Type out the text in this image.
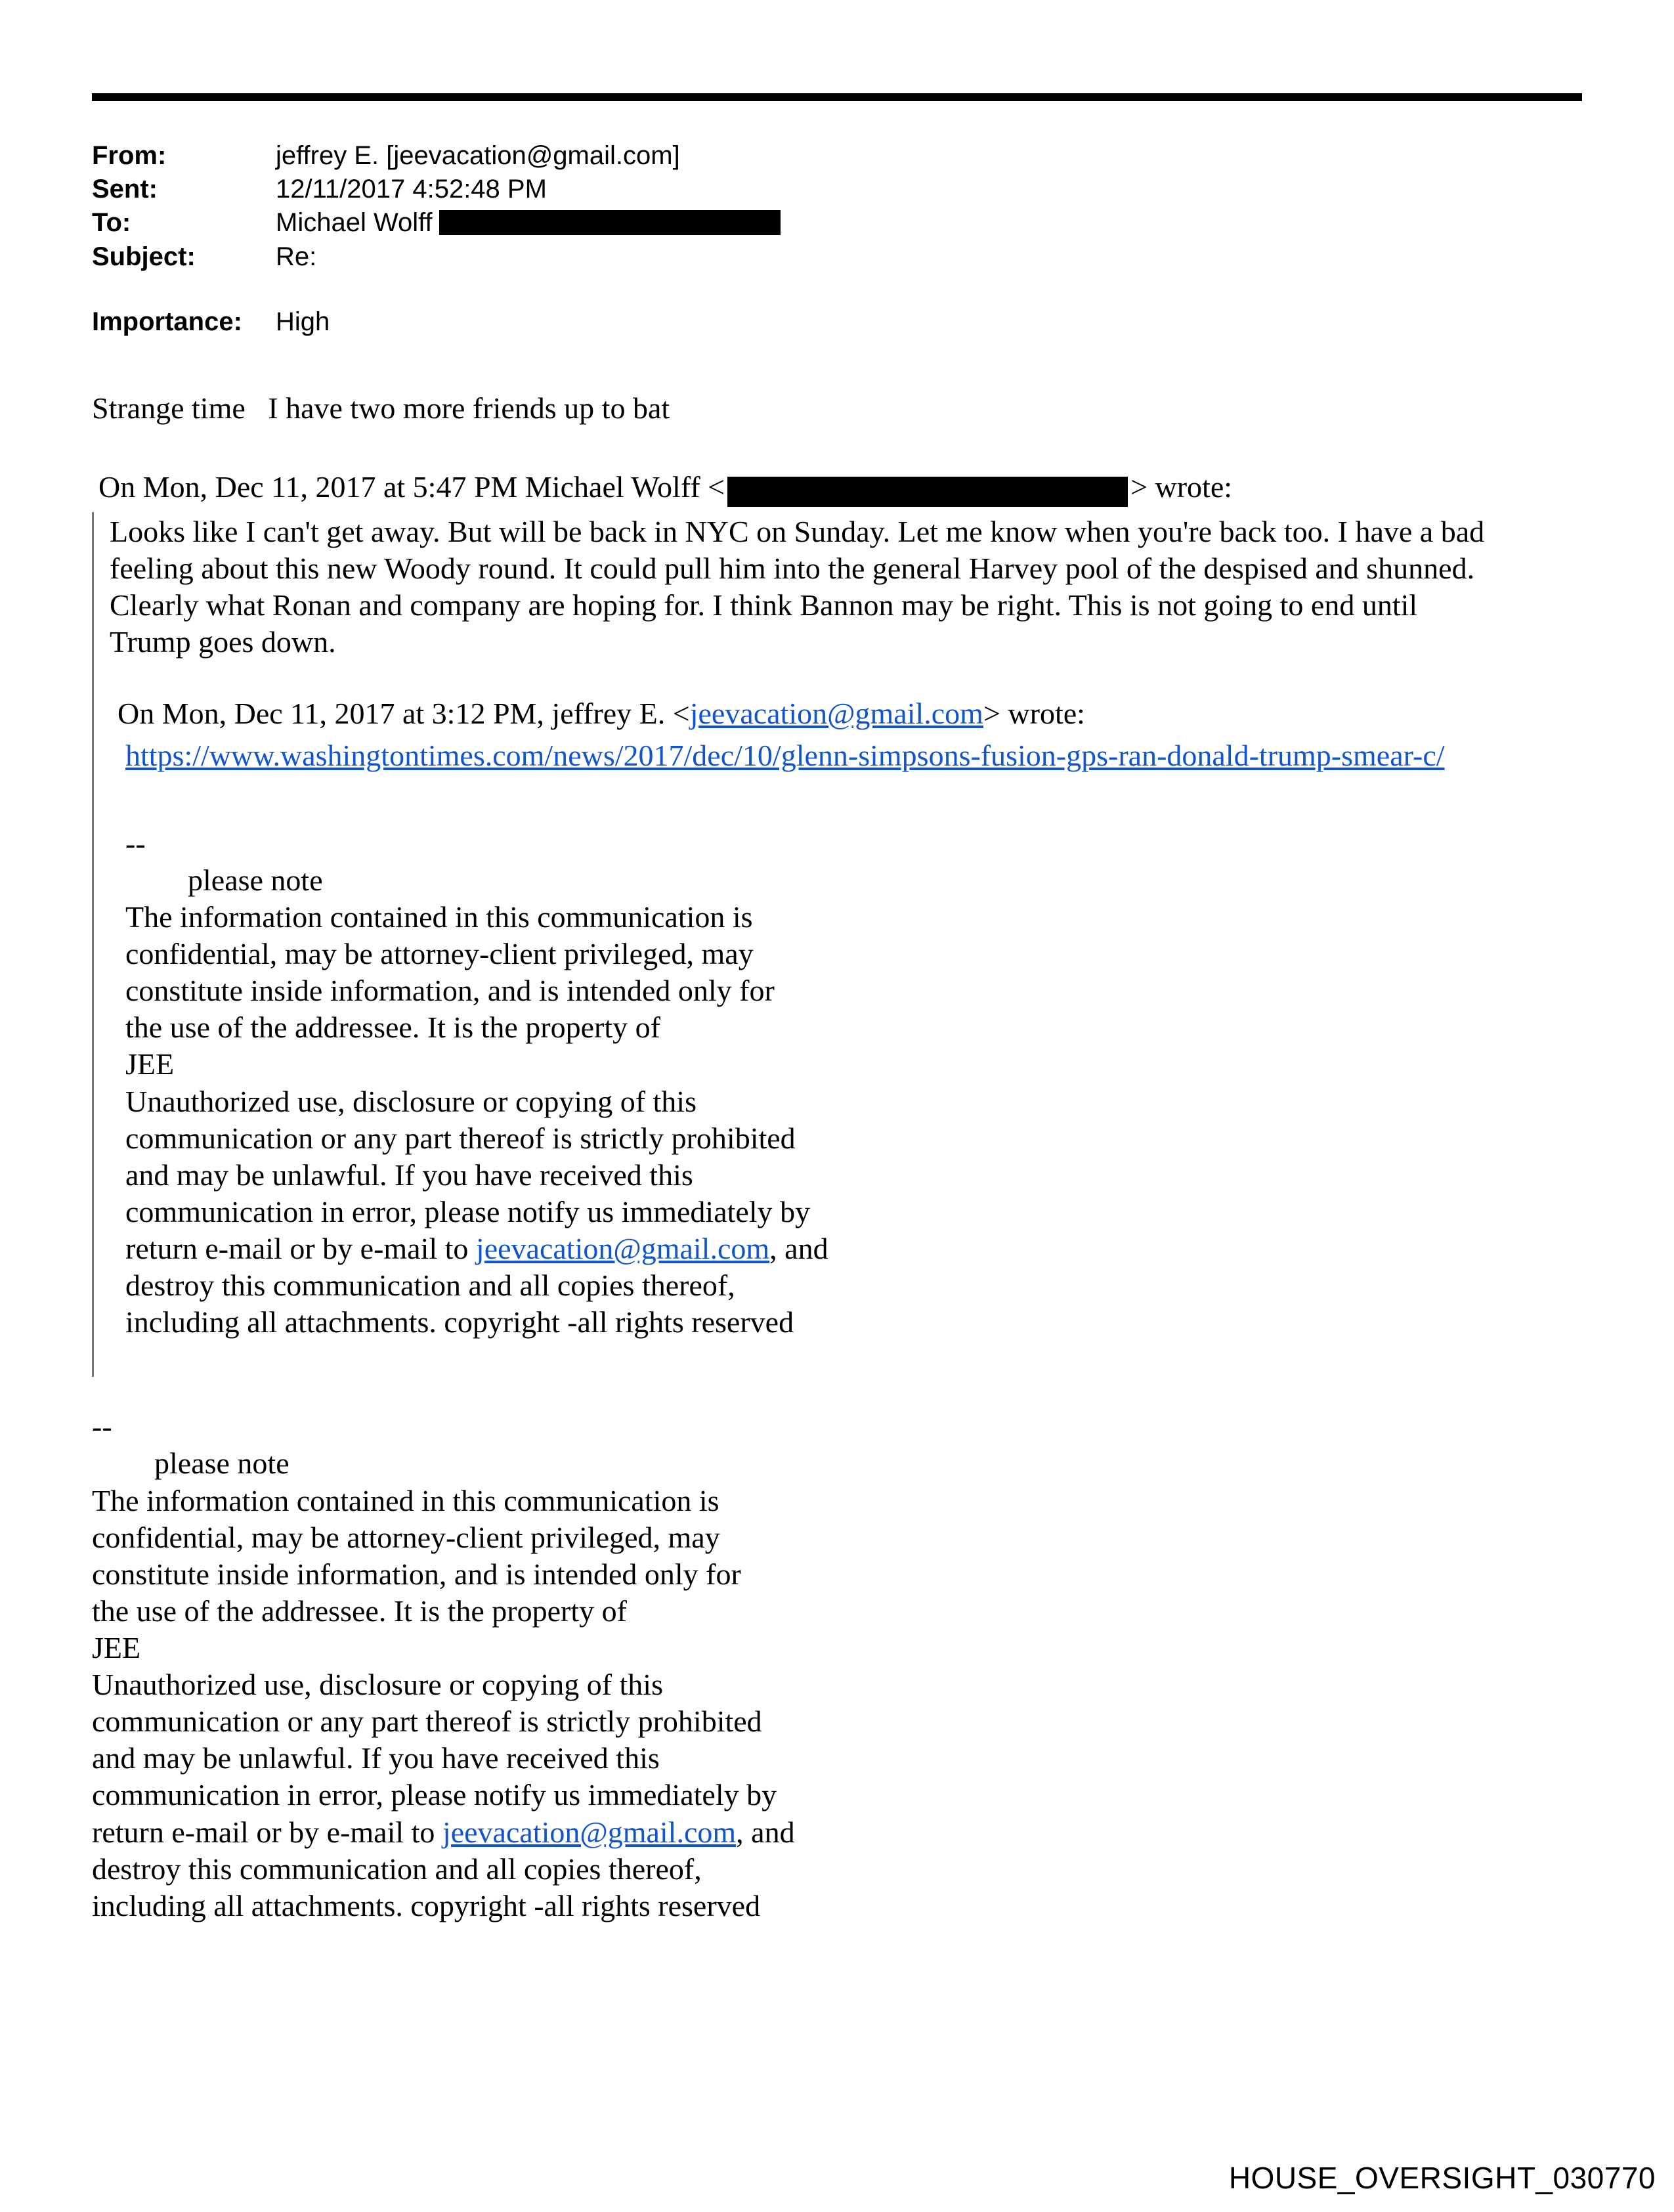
From:	jeffrey E. [jeevacation@gmail.com]
Sent:	12/11/2017 4:52:48 PM
To:	Michael Wolff
Subject:	Re:
Importance:	High
Strange time   I have two more friends up to bat
On Mon, Dec 11, 2017 at 5:47 PM Michael Wolff <	> wrote:
Looks like I can't get away. But will be back in NYC on Sunday. Let me know when you're back too. I have a bad feeling about this new Woody round. It could pull him into the general Harvey pool of the despised and shunned. Clearly what Ronan and company are hoping for. I think Bannon may be right. This is not going to end until Trump goes down.
On Mon, Dec 11, 2017 at 3:12 PM, jeffrey E. <jeevacation@gmail.com> wrote:
https://www.washingtontimes.com/news/2017/dec/10/glenn-simpsons-fusion-gps-ran-donald-trump-smear-c/
--
please note
The information contained in this communication is
confidential, may be attorney-client privileged, may
constitute inside information, and is intended only for
the use of the addressee. It is the property of
JEE
Unauthorized use, disclosure or copying of this
communication or any part thereof is strictly prohibited
and may be unlawful. If you have received this
communication in error, please notify us immediately by
return e-mail or by e-mail to jeevacation@gmail.com, and
destroy this communication and all copies thereof,
including all attachments. copyright -all rights reserved
--
please note
The information contained in this communication is
confidential, may be attorney-client privileged, may
constitute inside information, and is intended only for
the use of the addressee. It is the property of
JEE
Unauthorized use, disclosure or copying of this
communication or any part thereof is strictly prohibited
and may be unlawful. If you have received this
communication in error, please notify us immediately by
return e-mail or by e-mail to jeevacation@gmail.com, and
destroy this communication and all copies thereof,
including all attachments. copyright -all rights reserved
HOUSE_OVERSIGHT_030770
